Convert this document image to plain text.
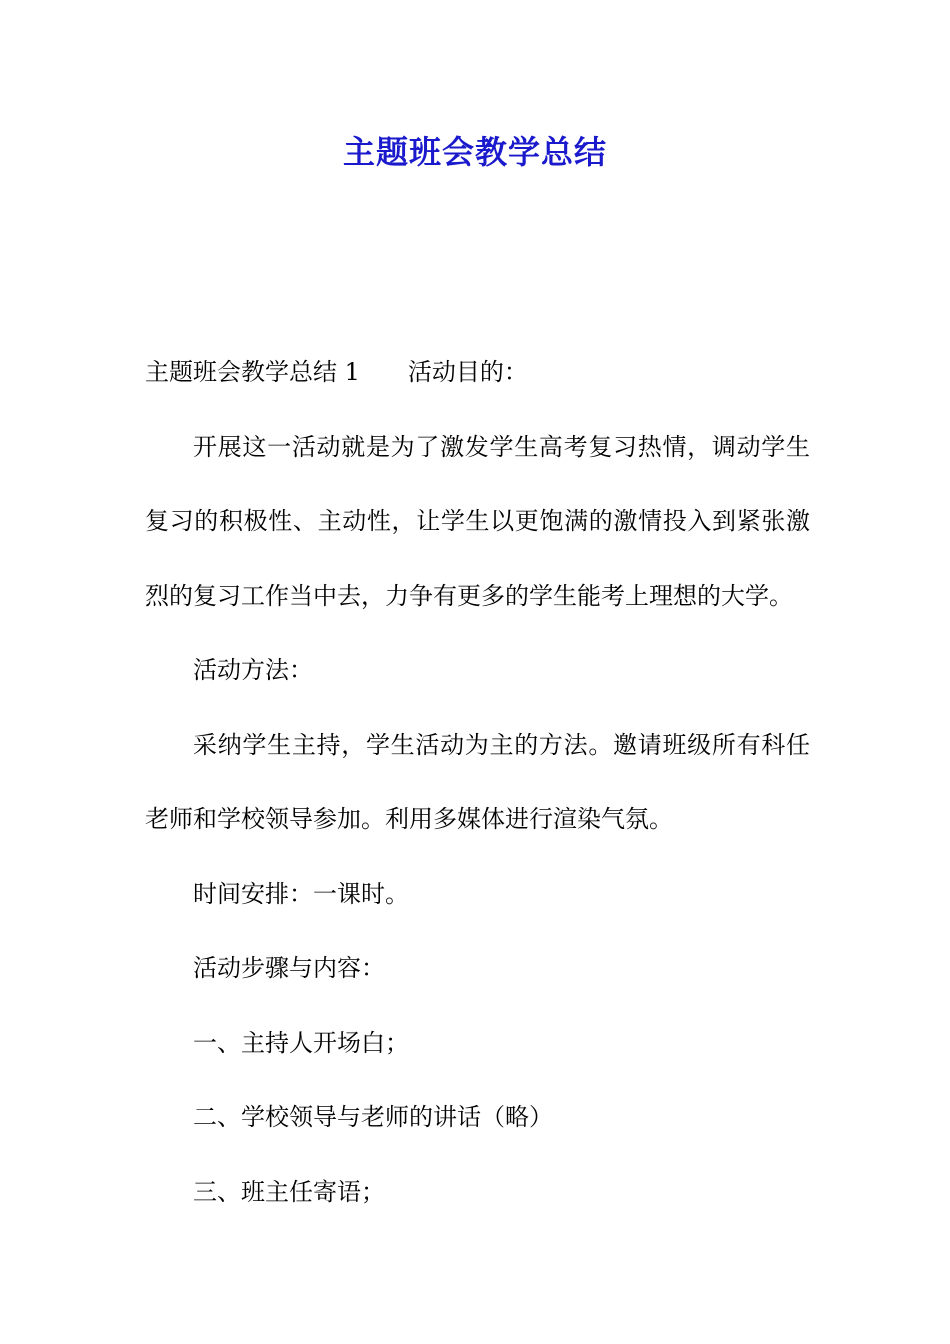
主题班会教学总结

主题班会教学总结 1 活动目的：

开展这一活动就是为了激发学生高考复习热情，调动学生复习的积极性、主动性，让学生以更饱满的激情投入到紧张激烈的复习工作当中去，力争有更多的学生能考上理想的大学。

活动方法：

采纳学生主持，学生活动为主的方法。邀请班级所有科任老师和学校领导参加。利用多媒体进行渲染气氛。

时间安排：一课时。

活动步骤与内容：

一、主持人开场白；

二、学校领导与老师的讲话（略）

三、班主任寄语；
